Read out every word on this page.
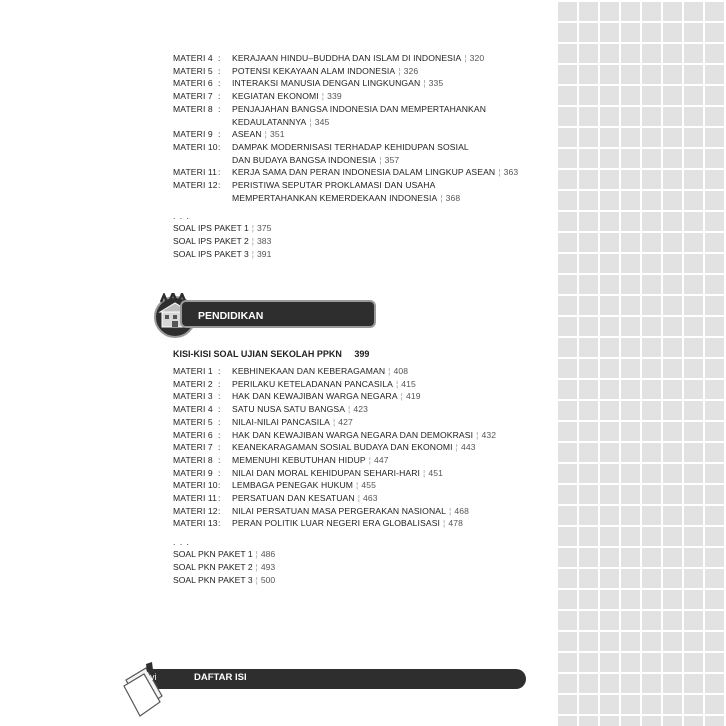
MATERI 4 :	KERAJAAN HINDU–BUDDHA DAN ISLAM DI INDONESIA ¦ 320
MATERI 5 :	POTENSI KEKAYAAN ALAM INDONESIA ¦ 326
MATERI 6 :	INTERAKSI MANUSIA DENGAN LINGKUNGAN ¦ 335
MATERI 7 :	KEGIATAN EKONOMI ¦ 339
MATERI 8 :	PENJAJAHAN BANGSA INDONESIA DAN MEMPERTAHANKAN
KEDAULATANNYA ¦ 345
MATERI 9 :	ASEAN ¦ 351
MATERI 10 :	DAMPAK MODERNISASI TERHADAP KEHIDUPAN SOSIAL
DAN BUDAYA BANGSA INDONESIA ¦ 357
MATERI 11 :	KERJA SAMA DAN PERAN INDONESIA DALAM LINGKUP ASEAN ¦ 363
MATERI 12 :	PERISTIWA SEPUTAR PROKLAMASI DAN USAHA
MEMPERTAHANKAN KEMERDEKAAN INDONESIA ¦ 368
. . .
SOAL IPS PAKET 1 ¦ 375
SOAL IPS PAKET 2 ¦ 383
SOAL IPS PAKET 3 ¦ 391
PENDIDIKAN KEWARGANEGARAAN
KISI-KISI SOAL UJIAN SEKOLAH PPKN 399
MATERI 1 :	KEBHINEKAAN DAN KEBERAGAMAN ¦ 408
MATERI 2 :	PERILAKU KETELADANAN PANCASILA ¦ 415
MATERI 3 :	HAK DAN KEWAJIBAN WARGA NEGARA ¦ 419
MATERI 4 :	SATU NUSA SATU BANGSA ¦ 423
MATERI 5 :	NILAI-NILAI PANCASILA ¦ 427
MATERI 6 :	HAK DAN KEWAJIBAN WARGA NEGARA DAN DEMOKRASI ¦ 432
MATERI 7 :	KEANEKARAGAMAN SOSIAL BUDAYA DAN EKONOMI ¦ 443
MATERI 8 :	MEMENUHI KEBUTUHAN HIDUP ¦ 447
MATERI 9 :	NILAI DAN MORAL KEHIDUPAN SEHARI-HARI ¦ 451
MATERI 10 :	LEMBAGA PENEGAK HUKUM ¦ 455
MATERI 11 :	PERSATUAN DAN KESATUAN ¦ 463
MATERI 12 :	NILAI PERSATUAN MASA PERGERAKAN NASIONAL ¦ 468
MATERI 13 :	PERAN POLITIK LUAR NEGERI ERA GLOBALISASI ¦ 478
. . .
SOAL PKN PAKET 1 ¦ 486
SOAL PKN PAKET 2 ¦ 493
SOAL PKN PAKET 3 ¦ 500
vi	DAFTAR ISI
